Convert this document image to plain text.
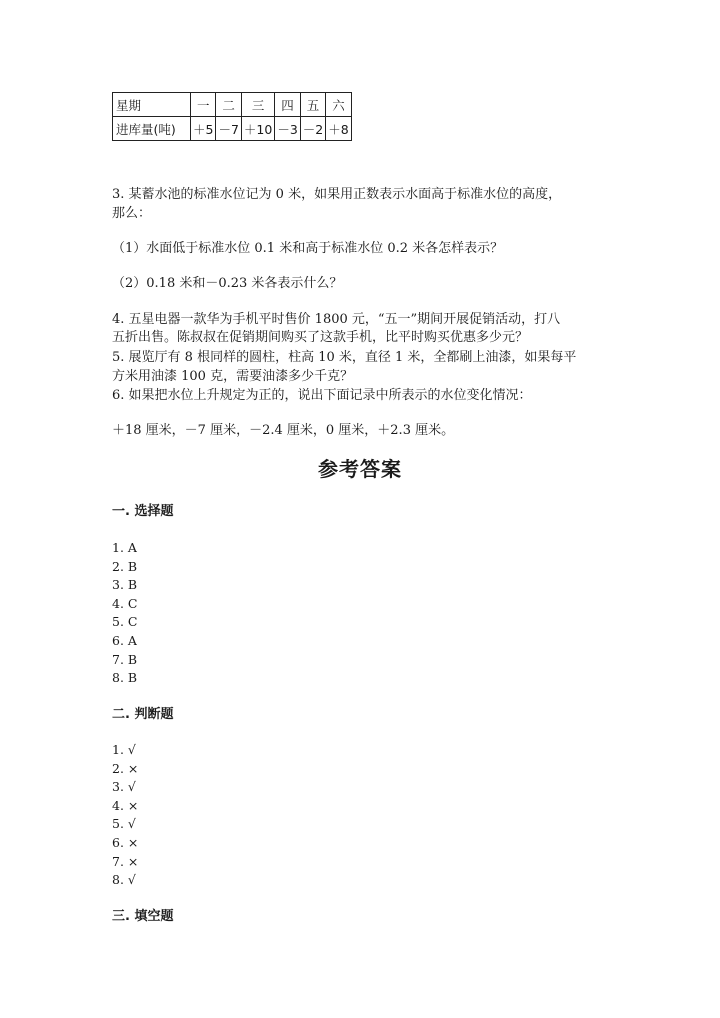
星期	一	二	三	四	五	六
进库量(吨)	＋5	－7	＋10	－3	－2	＋8
3. 某蓄水池的标准水位记为 0 米，如果用正数表示水面高于标准水位的高度，
那么：
（1）水面低于标准水位 0.1 米和高于标准水位 0.2 米各怎样表示？
（2）0.18 米和－0.23 米各表示什么？
4. 五星电器一款华为手机平时售价 1800 元，“五一”期间开展促销活动，打八
五折出售。陈叔叔在促销期间购买了这款手机，比平时购买优惠多少元？
5. 展览厅有 8 根同样的圆柱，柱高 10 米，直径 1 米，全都刷上油漆，如果每平
方米用油漆 100 克，需要油漆多少千克？
6. 如果把水位上升规定为正的，说出下面记录中所表示的水位变化情况：
＋18 厘米，－7 厘米，－2.4 厘米，0 厘米，＋2.3 厘米。
参考答案
一. 选择题
1. A
2. B
3. B
4. C
5. C
6. A
7. B
8. B
二. 判断题
1. √
2. ×
3. √
4. ×
5. √
6. ×
7. ×
8. √
三. 填空题
